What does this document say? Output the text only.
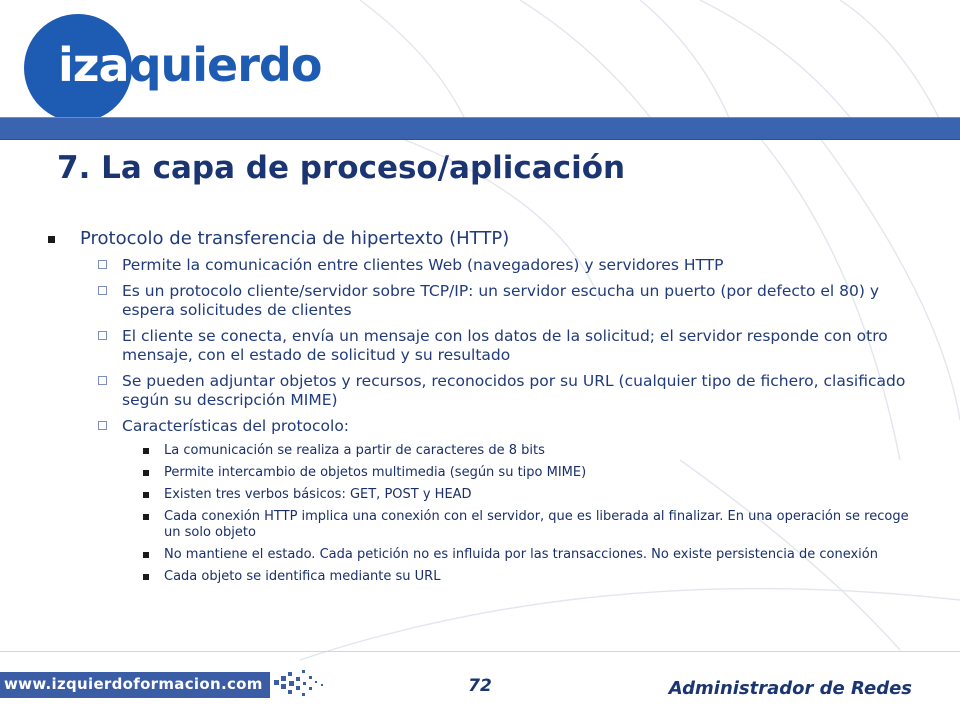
izaquierdo
7. La capa de proceso/aplicación
Protocolo de transferencia de hipertexto (HTTP)
Permite la comunicación entre clientes Web (navegadores) y servidores HTTP
Es un protocolo cliente/servidor sobre TCP/IP: un servidor escucha un puerto (por defecto el 80) y espera solicitudes de clientes
El cliente se conecta, envía un mensaje con los datos de la solicitud; el servidor responde con otro mensaje, con el estado de solicitud y su resultado
Se pueden adjuntar objetos y recursos, reconocidos por su URL (cualquier tipo de fichero, clasificado según su descripción MIME)
Características del protocolo:
La comunicación se realiza a partir de caracteres de 8 bits
Permite intercambio de objetos multimedia (según su tipo MIME)
Existen tres verbos básicos: GET, POST y HEAD
Cada conexión HTTP implica una conexión con el servidor, que es liberada al finalizar. En una operación se recoge un solo objeto
No mantiene el estado. Cada petición no es influida por las transacciones. No existe persistencia de conexión
Cada objeto se identifica mediante su URL
www.izquierdoformacion.com	72	Administrador de Redes
